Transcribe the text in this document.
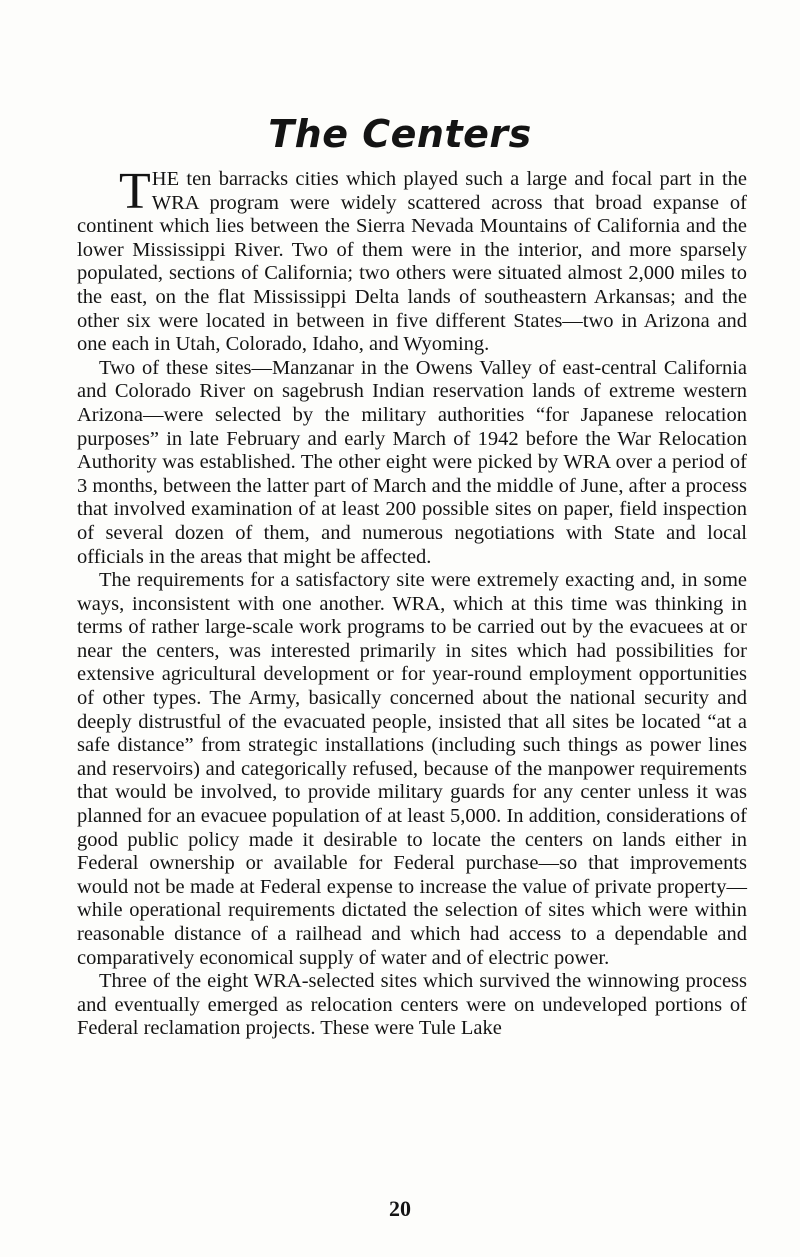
The Centers

THE ten barracks cities which played such a large and focal part in the WRA program were widely scattered across that broad expanse of continent which lies between the Sierra Nevada Mountains of California and the lower Mississippi River. Two of them were in the interior, and more sparsely populated, sections of California; two others were situated almost 2,000 miles to the east, on the flat Mississippi Delta lands of southeastern Arkansas; and the other six were located in between in five different States—two in Arizona and one each in Utah, Colorado, Idaho, and Wyoming.

Two of these sites—Manzanar in the Owens Valley of east-central California and Colorado River on sagebrush Indian reservation lands of extreme western Arizona—were selected by the military authorities “for Japanese relocation purposes” in late February and early March of 1942 before the War Relocation Authority was established. The other eight were picked by WRA over a period of 3 months, between the latter part of March and the middle of June, after a process that involved examination of at least 200 possible sites on paper, field inspection of several dozen of them, and numerous negotiations with State and local officials in the areas that might be affected.

The requirements for a satisfactory site were extremely exacting and, in some ways, inconsistent with one another. WRA, which at this time was thinking in terms of rather large-scale work programs to be carried out by the evacuees at or near the centers, was interested primarily in sites which had possibilities for extensive agricultural development or for year-round employment opportunities of other types. The Army, basically concerned about the national security and deeply distrustful of the evacuated people, insisted that all sites be located “at a safe distance” from strategic installations (including such things as power lines and reservoirs) and categorically refused, because of the manpower requirements that would be involved, to provide military guards for any center unless it was planned for an evacuee population of at least 5,000. In addition, considerations of good public policy made it desirable to locate the centers on lands either in Federal ownership or available for Federal purchase—so that improvements would not be made at Federal expense to increase the value of private property—while operational requirements dictated the selection of sites which were within reasonable distance of a railhead and which had access to a dependable and comparatively economical supply of water and of electric power.

Three of the eight WRA-selected sites which survived the winnowing process and eventually emerged as relocation centers were on undeveloped portions of Federal reclamation projects. These were Tule Lake

20
